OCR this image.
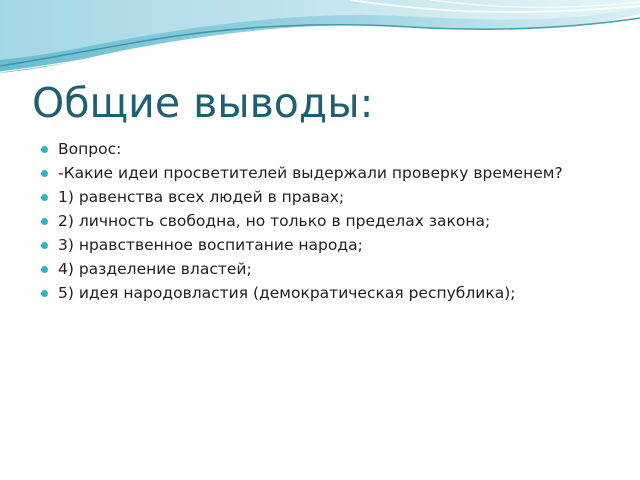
Общие выводы:
Вопрос:
-Какие идеи просветителей выдержали проверку временем?
1) равенства всех людей в правах;
2) личность свободна, но только в пределах закона;
3) нравственное воспитание народа;
4) разделение властей;
5) идея народовластия (демократическая республика);
